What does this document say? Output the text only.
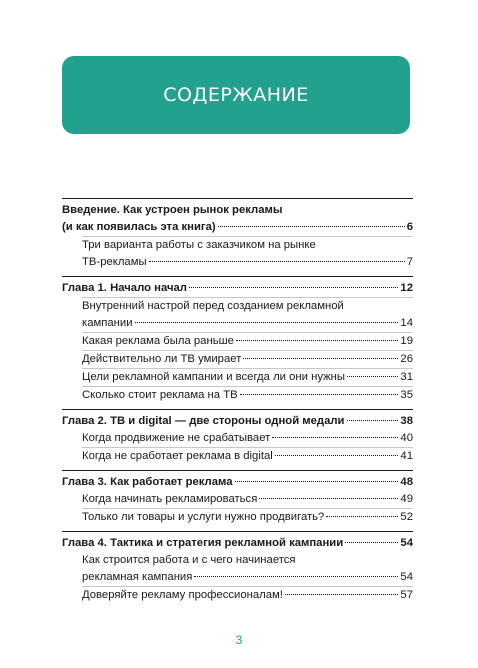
СОДЕРЖАНИЕ
Введение. Как устроен рынок рекламы
(и как появилась эта книга)	6
Три варианта работы с заказчиком на рынке
ТВ-рекламы	7
Глава 1. Начало начал	12
Внутренний настрой перед созданием рекламной
кампании	14
Какая реклама была раньше	19
Действительно ли ТВ умирает	26
Цели рекламной кампании и всегда ли они нужны	31
Сколько стоит реклама на ТВ	35
Глава 2. ТВ и digital — две стороны одной медали	38
Когда продвижение не срабатывает	40
Когда не сработает реклама в digital	41
Глава 3. Как работает реклама	48
Когда начинать рекламироваться	49
Только ли товары и услуги нужно продвигать?	52
Глава 4. Тактика и стратегия рекламной кампании	54
Как строится работа и с чего начинается
рекламная кампания	54
Доверяйте рекламу профессионалам!	57
3
